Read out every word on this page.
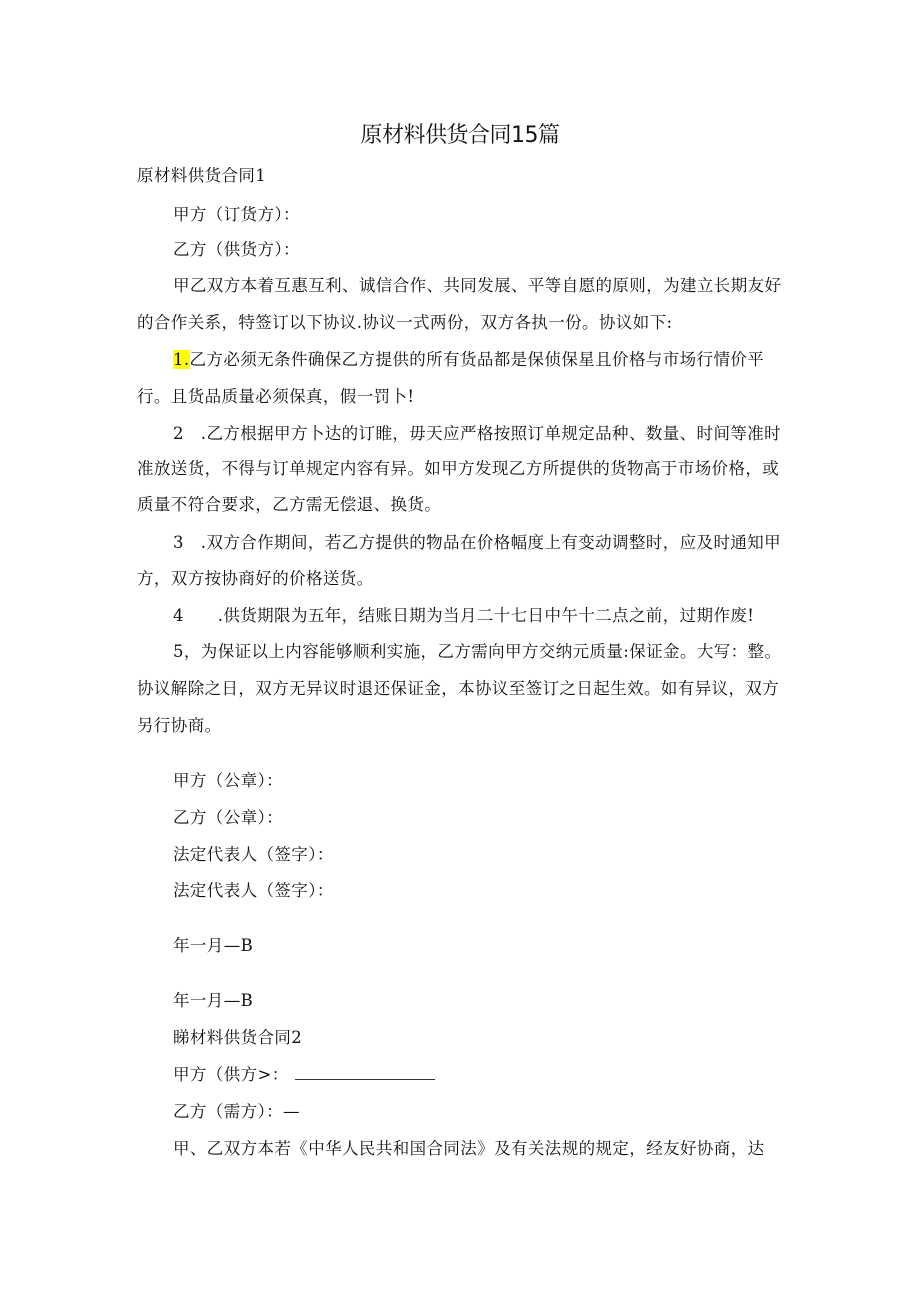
原材料供货合同15篇
原材料供货合同1
甲方（订货方）：
乙方（供货方）：
甲乙双方本着互惠互利、诚信合作、共同发展、平等自愿的原则，为建立长期友好
的合作关系，特签订以下协议.协议一式两份，双方各执一份。协议如下:
1.乙方必须无条件确保乙方提供的所有货品都是保侦保星且价格与市场行情价平
行。且货品质量必须保真，假一罚卜!
2　.乙方根据甲方卜达的订睢，毋天应严格按照订单规定品种、数量、时间等准时
准放送货，不得与订单规定内容有异。如甲方发现乙方所提供的货物高于市场价格，或
质量不符合要求，乙方需无偿退、换货。
3　.双方合作期间，若乙方提供的物品在价格幅度上有变动调整时，应及时通知甲
方，双方按协商好的价格送货。
4　　.供货期限为五年，结账日期为当月二十七日中午十二点之前，过期作废!
5，为保证以上内容能够顺利实施，乙方需向甲方交纳元质量:保证金。大写：整。
协议解除之日，双方无异议时退还保证金，本协议至签订之日起生效。如有异议，双方
另行协商。
甲方（公章）：
乙方（公章）：
法定代表人（签字）：
法定代表人（签字）：
年一月—B
年一月—B
睇材料供货合同2
甲方（供方>：
乙方（需方）：—
甲、乙双方本若《中华人民共和国合同法》及有关法规的规定，经友好协商，达
